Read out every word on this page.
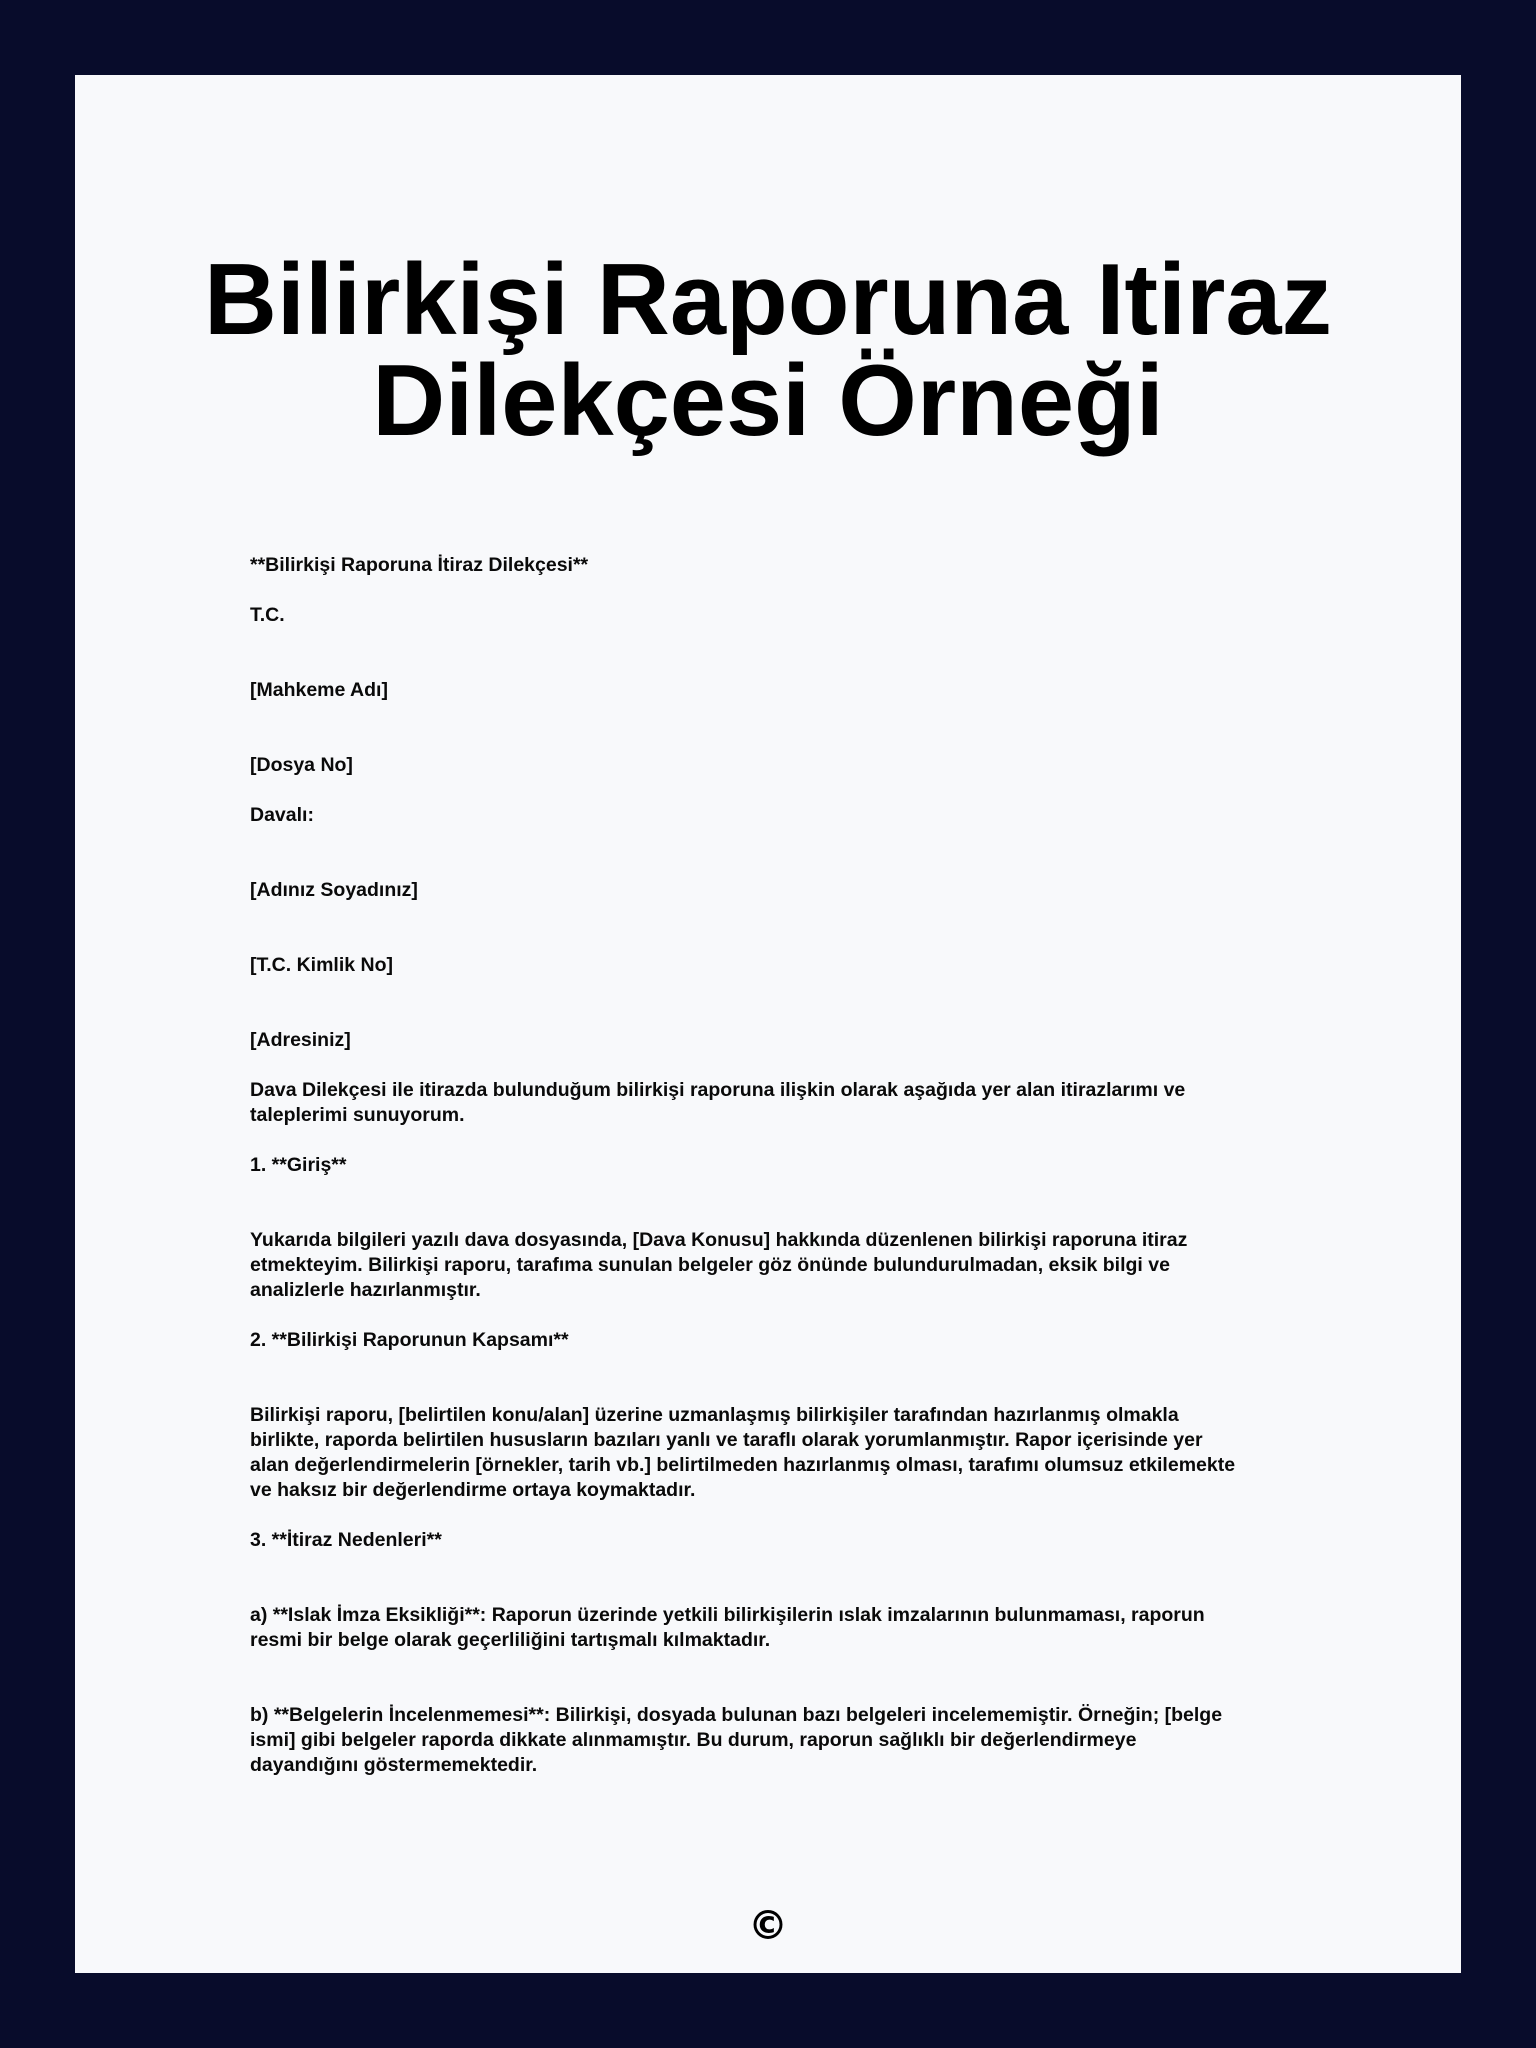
Bilirkişi Raporuna Itiraz
Dilekçesi Örneği

**Bilirkişi Raporuna İtiraz Dilekçesi**

T.C.

[Mahkeme Adı]

[Dosya No]

Davalı:

[Adınız Soyadınız]

[T.C. Kimlik No]

[Adresiniz]

Dava Dilekçesi ile itirazda bulunduğum bilirkişi raporuna ilişkin olarak aşağıda yer alan itirazlarımı ve
taleplerimi sunuyorum.

1. **Giriş**

Yukarıda bilgileri yazılı dava dosyasında, [Dava Konusu] hakkında düzenlenen bilirkişi raporuna itiraz
etmekteyim. Bilirkişi raporu, tarafıma sunulan belgeler göz önünde bulundurulmadan, eksik bilgi ve
analizlerle hazırlanmıştır.

2. **Bilirkişi Raporunun Kapsamı**

Bilirkişi raporu, [belirtilen konu/alan] üzerine uzmanlaşmış bilirkişiler tarafından hazırlanmış olmakla
birlikte, raporda belirtilen hususların bazıları yanlı ve taraflı olarak yorumlanmıştır. Rapor içerisinde yer
alan değerlendirmelerin [örnekler, tarih vb.] belirtilmeden hazırlanmış olması, tarafımı olumsuz etkilemekte
ve haksız bir değerlendirme ortaya koymaktadır.

3. **İtiraz Nedenleri**

a) **Islak İmza Eksikliği**: Raporun üzerinde yetkili bilirkişilerin ıslak imzalarının bulunmaması, raporun
resmi bir belge olarak geçerliliğini tartışmalı kılmaktadır.

b) **Belgelerin İncelenmemesi**: Bilirkişi, dosyada bulunan bazı belgeleri incelememiştir. Örneğin; [belge
ismi] gibi belgeler raporda dikkate alınmamıştır. Bu durum, raporun sağlıklı bir değerlendirmeye
dayandığını göstermemektedir.

©
